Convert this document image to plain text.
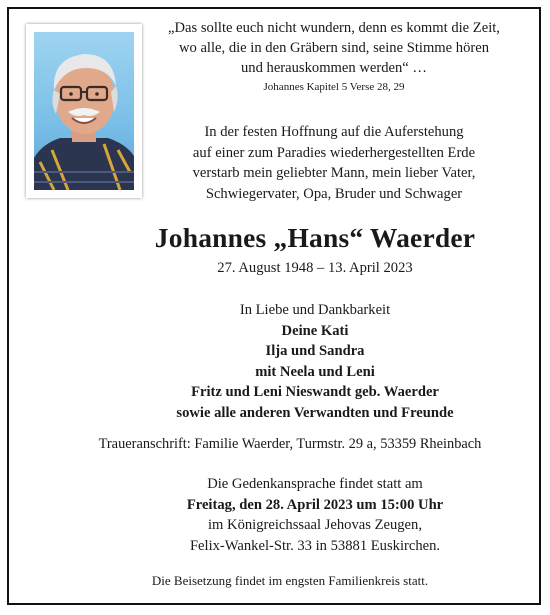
„Das sollte euch nicht wundern, denn es kommt die Zeit,
wo alle, die in den Gräbern sind, seine Stimme hören
und herauskommen werden“ …
Johannes Kapitel 5 Verse 28, 29
In der festen Hoffnung auf die Auferstehung
auf einer zum Paradies wiederhergestellten Erde
verstarb mein geliebter Mann, mein lieber Vater,
Schwiegervater, Opa, Bruder und Schwager
Johannes „Hans“ Waerder
27. August 1948 – 13. April 2023
In Liebe und Dankbarkeit
Deine Kati
Ilja und Sandra
mit Neela und Leni
Fritz und Leni Nieswandt geb. Waerder
sowie alle anderen Verwandten und Freunde
Traueranschrift: Familie Waerder, Turmstr. 29 a, 53359 Rheinbach
Die Gedenkansprache findet statt am
Freitag, den 28. April 2023 um 15:00 Uhr
im Königreichssaal Jehovas Zeugen,
Felix-Wankel-Str. 33 in 53881 Euskirchen.
Die Beisetzung findet im engsten Familienkreis statt.
